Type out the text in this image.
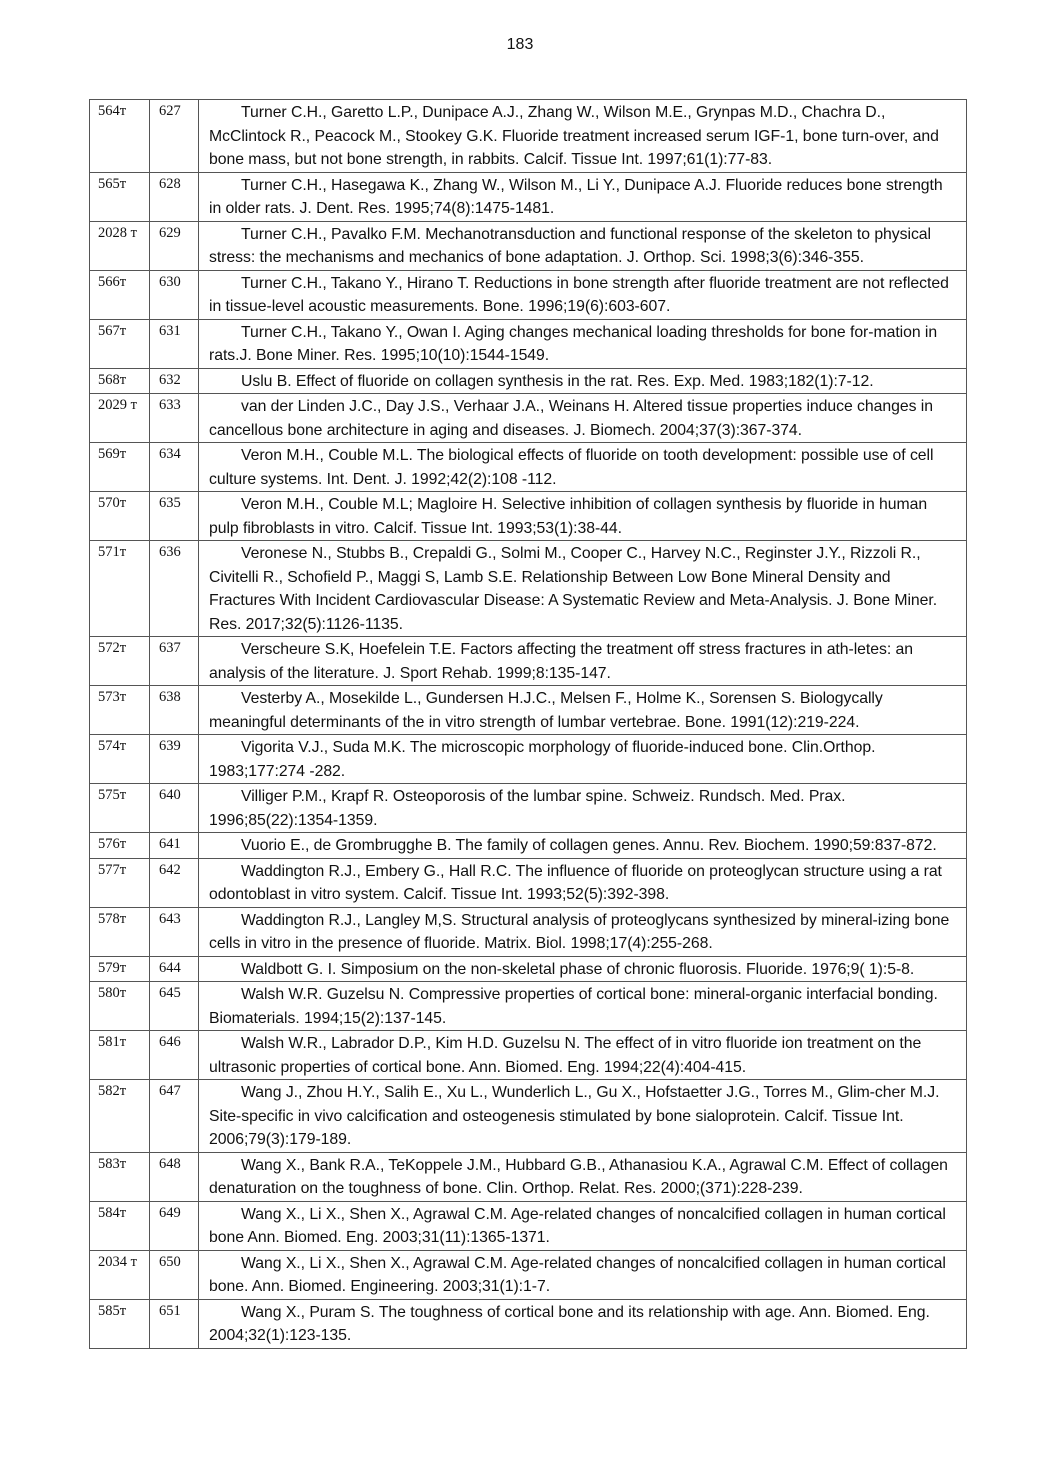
183
564т	627	Turner C.H., Garetto L.P., Dunipace A.J., Zhang W., Wilson M.E., Grynpas M.D., Chachra D., McClintock R., Peacock M., Stookey G.K. Fluoride treatment increased serum IGF-1, bone turn-over, and bone mass, but not bone strength, in rabbits. Calcif. Tissue Int. 1997;61(1):77-83.
565т	628	Turner C.H., Hasegawa K., Zhang W., Wilson M., Li Y., Dunipace A.J. Fluoride reduces bone strength in older rats. J. Dent. Res. 1995;74(8):1475-1481.
2028 т	629	Turner C.H., Pavalko F.M. Mechanotransduction and functional response of the skeleton to physical stress: the mechanisms and mechanics of bone adaptation. J. Orthop. Sci. 1998;3(6):346-355.
566т	630	Turner C.H., Takano Y., Hirano T. Reductions in bone strength after fluoride treatment are not reflected in tissue-level acoustic measurements. Bone. 1996;19(6):603-607.
567т	631	Turner C.H., Takano Y., Owan I. Aging changes mechanical loading thresholds for bone for-mation in rats.J. Bone Miner. Res. 1995;10(10):1544-1549.
568т	632	Uslu B. Effect of fluoride on collagen synthesis in the rat. Res. Exp. Med. 1983;182(1):7-12.
2029 т	633	van der Linden J.C., Day J.S., Verhaar J.A., Weinans H. Altered tissue properties induce changes in cancellous bone architecture in aging and diseases. J. Biomech. 2004;37(3):367-374.
569т	634	Veron M.H., Couble M.L. The biological effects of fluoride on tooth development: possible use of cell culture systems. Int. Dent. J. 1992;42(2):108 -112.
570т	635	Veron M.H., Couble M.L; Magloire H. Selective inhibition of collagen synthesis by fluoride in human pulp fibroblasts in vitro. Calcif. Tissue Int. 1993;53(1):38-44.
571т	636	Veronese N., Stubbs B., Crepaldi G., Solmi M., Cooper C., Harvey N.C., Reginster J.Y., Rizzoli R., Civitelli R., Schofield P., Maggi S, Lamb S.E. Relationship Between Low Bone Mineral Density and Fractures With Incident Cardiovascular Disease: A Systematic Review and Meta-Analysis. J. Bone Miner. Res. 2017;32(5):1126-1135.
572т	637	Verscheure S.K, Hoefelein T.E. Factors affecting the treatment off stress fractures in ath-letes: an analysis of the literature. J. Sport Rehab. 1999;8:135-147.
573т	638	Vesterby A., Mosekilde L., Gundersen H.J.C., Melsen F., Holme K., Sorensen S. Biologycally meaningful determinants of the in vitro strength of lumbar vertebrae. Bone. 1991(12):219-224.
574т	639	Vigorita V.J., Suda M.K. The microscopic morphology of fluoride-induced bone. Clin.Orthop. 1983;177:274 -282.
575т	640	Villiger P.M., Krapf R. Osteoporosis of the lumbar spine. Schweiz. Rundsch. Med. Prax. 1996;85(22):1354-1359.
576т	641	Vuorio E., de Grombrugghe B. The family of collagen genes. Annu. Rev. Biochem. 1990;59:837-872.
577т	642	Waddington R.J., Embery G., Hall R.C. The influence of fluoride on proteoglycan structure using a rat odontoblast in vitro system. Calcif. Tissue Int. 1993;52(5):392-398.
578т	643	Waddington R.J., Langley M,S. Structural analysis of proteoglycans synthesized by mineral-izing bone cells in vitro in the presence of fluoride. Matrix. Biol. 1998;17(4):255-268.
579т	644	Waldbott G. I. Simposium on the non-skeletal phase of chronic fluorosis. Fluoride. 1976;9( 1):5-8.
580т	645	Walsh W.R. Guzelsu N. Compressive properties of cortical bone: mineral-organic interfacial bonding. Biomaterials. 1994;15(2):137-145.
581т	646	Walsh W.R., Labrador D.P., Kim H.D. Guzelsu N. The effect of in vitro fluoride ion treatment on the ultrasonic properties of cortical bone. Ann. Biomed. Eng. 1994;22(4):404-415.
582т	647	Wang J., Zhou H.Y., Salih E., Xu L., Wunderlich L., Gu X., Hofstaetter J.G., Torres M., Glim-cher M.J. Site-specific in vivo calcification and osteogenesis stimulated by bone sialoprotein. Calcif. Tissue Int. 2006;79(3):179-189.
583т	648	Wang X., Bank R.A., TeKoppele J.M., Hubbard G.B., Athanasiou K.A., Agrawal C.M. Effect of collagen denaturation on the toughness of bone. Clin. Orthop. Relat. Res. 2000;(371):228-239.
584т	649	Wang X., Li X., Shen X., Agrawal C.M. Age-related changes of noncalcified collagen in human cortical bone Ann. Biomed. Eng. 2003;31(11):1365-1371.
2034 т	650	Wang X., Li X., Shen X., Agrawal C.M. Age-related changes of noncalcified collagen in human cortical bone. Ann. Biomed. Engineering. 2003;31(1):1-7.
585т	651	Wang X., Puram S. The toughness of cortical bone and its relationship with age. Ann. Biomed. Eng. 2004;32(1):123-135.
